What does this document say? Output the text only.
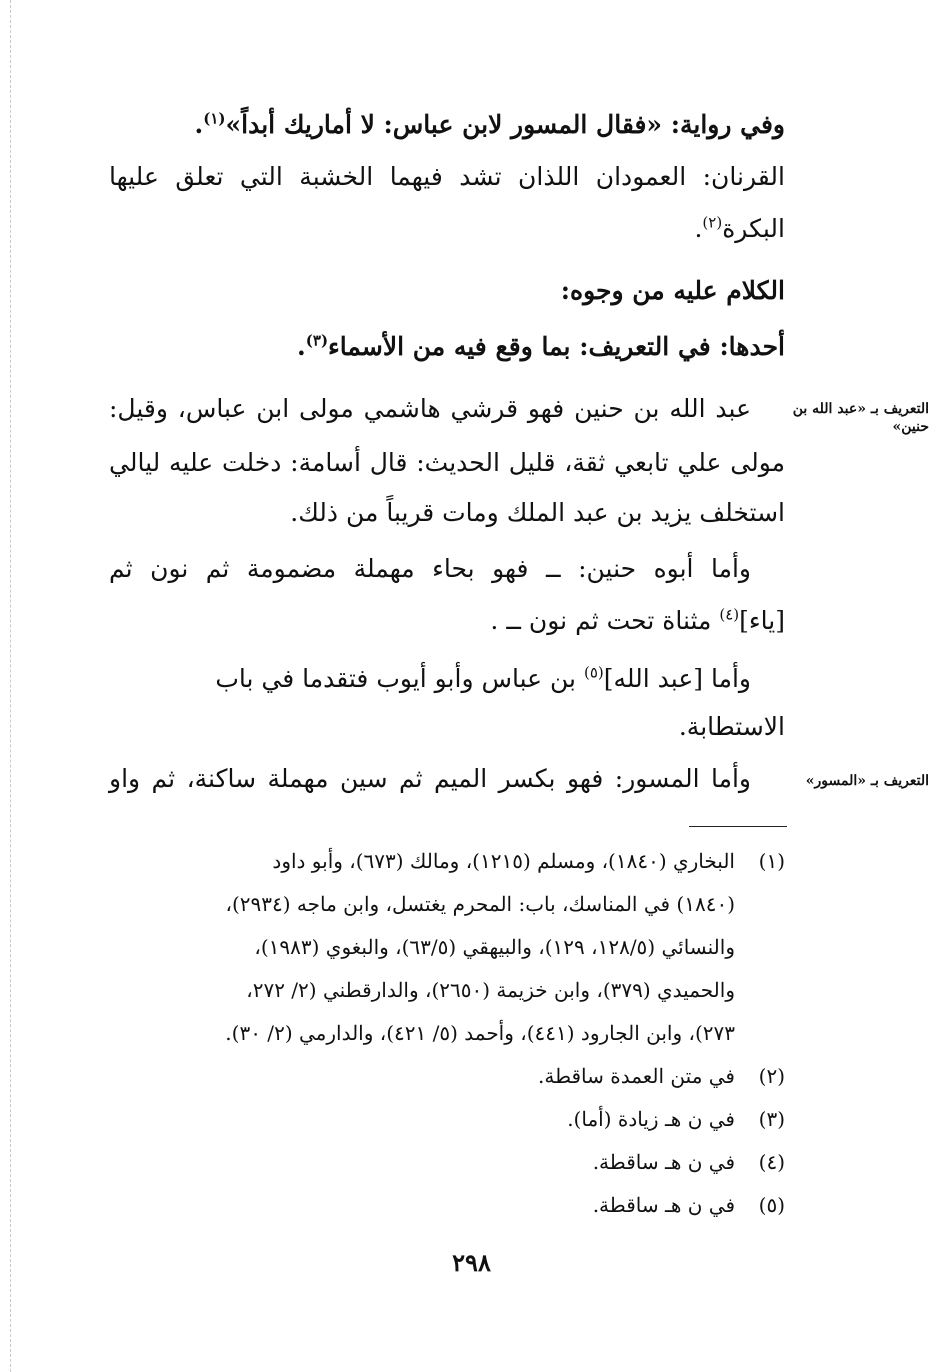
وفي رواية: «فقال المسور لابن عباس: لا أماريك أبداً»$^{(١)}$.

القرنان: العمودان اللذان تشد فيهما الخشبة التي تعلق عليها

البكرة$^{(٢)}$.

الكلام عليه من وجوه:

أحدها: في التعريف: بما وقع فيه من الأسماء$^{(٣)}$.

التعريف بـ «عبد الله بن حنين»

عبد الله بن حنين فهو قرشي هاشمي مولى ابن عباس، وقيل:

مولى علي تابعي ثقة، قليل الحديث: قال أسامة: دخلت عليه ليالي

استخلف يزيد بن عبد الملك ومات قريباً من ذلك.

وأما أبوه حنين: ــ فهو بحاء مهملة مضمومة ثم نون ثم

[ياء]$^{(٤)}$ مثناة تحت ثم نون ــ .

وأما [عبد الله]$^{(٥)}$ بن عباس وأبو أيوب فتقدما في باب

الاستطابة.

التعريف بـ «المسور»

وأما المسور: فهو بكسر الميم ثم سين مهملة ساكنة، ثم واو

(١)
البخاري (١٨٤٠)، ومسلم (١٢١٥)، ومالك (٦٧٣)، وأبو داود
(١٨٤٠) في المناسك، باب: المحرم يغتسل، وابن ماجه (٢٩٣٤)،
والنسائي (١٢٨/٥، ١٢٩)، والبيهقي (٦٣/٥)، والبغوي (١٩٨٣)،
والحميدي (٣٧٩)، وابن خزيمة (٢٦٥٠)، والدارقطني (٢/ ٢٧٢،
٢٧٣)، وابن الجارود (٤٤١)، وأحمد (٥/ ٤٢١)، والدارمي (٢/ ٣٠).
(٢)
في متن العمدة ساقطة.
(٣)
في ن هـ زيادة (أما).
(٤)
في ن هـ ساقطة.
(٥)
في ن هـ ساقطة.
٢٩٨
